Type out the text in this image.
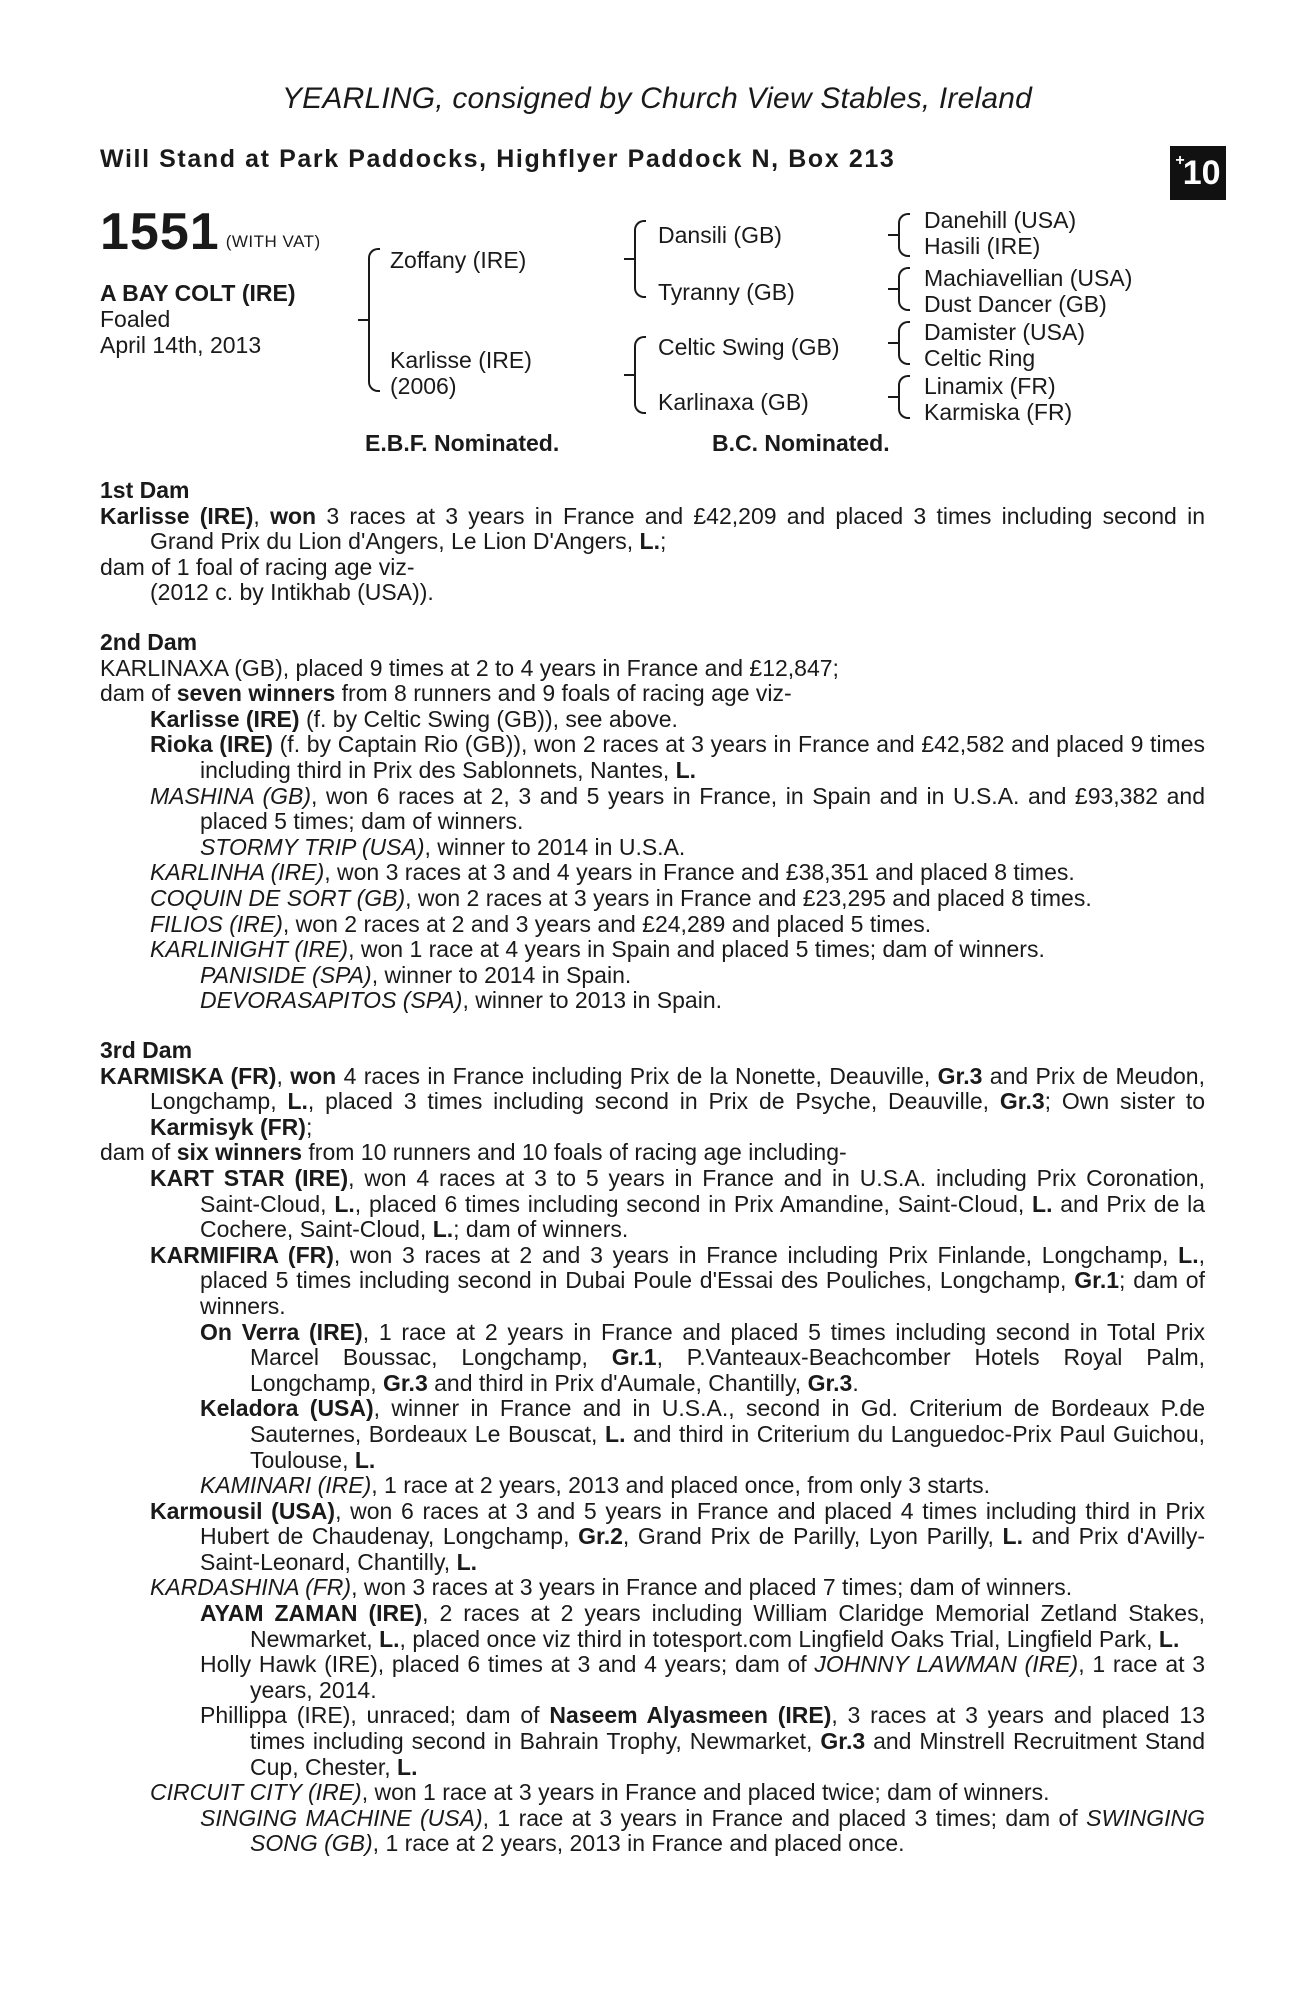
YEARLING, consigned by Church View Stables, Ireland
Will Stand at Park Paddocks, Highflyer Paddock N, Box 213	+
10
1551 (WITH VAT)
A BAY COLT (IRE)
Foaled
April 14th, 2013
Zoffany (IRE)
Karlisse (IRE)
(2006)
Dansili (GB)
Tyranny (GB)
Celtic Swing (GB)
Karlinaxa (GB)
Danehill (USA)
Hasili (IRE)
Machiavellian (USA)
Dust Dancer (GB)
Damister (USA)
Celtic Ring
Linamix (FR)
Karmiska (FR)
E.B.F. Nominated.	B.C. Nominated.

1st Dam

Karlisse (IRE), won 3 races at 3 years in France and £42,209 and placed 3 times including second in Grand Prix du Lion d'Angers, Le Lion D'Angers, L.;

dam of 1 foal of racing age viz-

(2012 c. by Intikhab (USA)).

2nd Dam

KARLINAXA (GB), placed 9 times at 2 to 4 years in France and £12,847;

dam of seven winners from 8 runners and 9 foals of racing age viz-

Karlisse (IRE) (f. by Celtic Swing (GB)), see above.

Rioka (IRE) (f. by Captain Rio (GB)), won 2 races at 3 years in France and £42,582 and placed 9 times including third in Prix des Sablonnets, Nantes, L.

MASHINA (GB), won 6 races at 2, 3 and 5 years in France, in Spain and in U.S.A. and £93,382 and placed 5 times; dam of winners.

STORMY TRIP (USA), winner to 2014 in U.S.A.

KARLINHA (IRE), won 3 races at 3 and 4 years in France and £38,351 and placed 8 times.

COQUIN DE SORT (GB), won 2 races at 3 years in France and £23,295 and placed 8 times.

FILIOS (IRE), won 2 races at 2 and 3 years and £24,289 and placed 5 times.

KARLINIGHT (IRE), won 1 race at 4 years in Spain and placed 5 times; dam of winners.

PANISIDE (SPA), winner to 2014 in Spain.

DEVORASAPITOS (SPA), winner to 2013 in Spain.

3rd Dam

KARMISKA (FR), won 4 races in France including Prix de la Nonette, Deauville, Gr.3 and Prix de Meudon, Longchamp, L., placed 3 times including second in Prix de Psyche, Deauville, Gr.3; Own sister to Karmisyk (FR);

dam of six winners from 10 runners and 10 foals of racing age including-

KART STAR (IRE), won 4 races at 3 to 5 years in France and in U.S.A. including Prix Coronation, Saint-Cloud, L., placed 6 times including second in Prix Amandine, Saint-Cloud, L. and Prix de la Cochere, Saint-Cloud, L.; dam of winners.

KARMIFIRA (FR), won 3 races at 2 and 3 years in France including Prix Finlande, Longchamp, L., placed 5 times including second in Dubai Poule d'Essai des Pouliches, Longchamp, Gr.1; dam of winners.

On Verra (IRE), 1 race at 2 years in France and placed 5 times including second in Total Prix Marcel Boussac, Longchamp, Gr.1, P.Vanteaux-Beachcomber Hotels Royal Palm, Longchamp, Gr.3 and third in Prix d'Aumale, Chantilly, Gr.3.

Keladora (USA), winner in France and in U.S.A., second in Gd. Criterium de Bordeaux P.de Sauternes, Bordeaux Le Bouscat, L. and third in Criterium du Languedoc-Prix Paul Guichou, Toulouse, L.

KAMINARI (IRE), 1 race at 2 years, 2013 and placed once, from only 3 starts.

Karmousil (USA), won 6 races at 3 and 5 years in France and placed 4 times including third in Prix Hubert de Chaudenay, Longchamp, Gr.2, Grand Prix de Parilly, Lyon Parilly, L. and Prix d'Avilly-Saint-Leonard, Chantilly, L.

KARDASHINA (FR), won 3 races at 3 years in France and placed 7 times; dam of winners.

AYAM ZAMAN (IRE), 2 races at 2 years including William Claridge Memorial Zetland Stakes, Newmarket, L., placed once viz third in totesport.com Lingfield Oaks Trial, Lingfield Park, L.

Holly Hawk (IRE), placed 6 times at 3 and 4 years; dam of JOHNNY LAWMAN (IRE), 1 race at 3 years, 2014.

Phillippa (IRE), unraced; dam of Naseem Alyasmeen (IRE), 3 races at 3 years and placed 13 times including second in Bahrain Trophy, Newmarket, Gr.3 and Minstrell Recruitment Stand Cup, Chester, L.

CIRCUIT CITY (IRE), won 1 race at 3 years in France and placed twice; dam of winners.

SINGING MACHINE (USA), 1 race at 3 years in France and placed 3 times; dam of SWINGING SONG (GB), 1 race at 2 years, 2013 in France and placed once.
